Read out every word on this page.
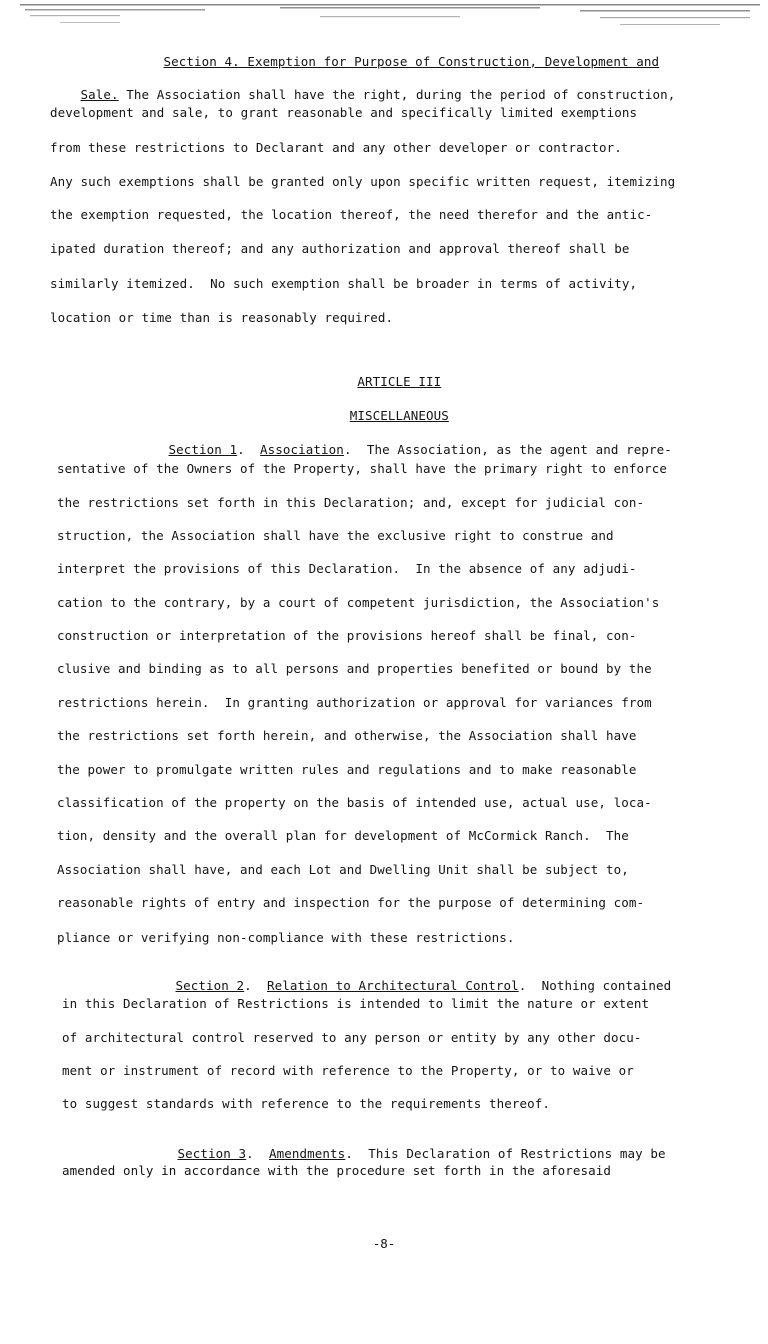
Section 4. Exemption for Purpose of Construction, Development and

Sale. The Association shall have the right, during the period of construction,

development and sale, to grant reasonable and specifically limited exemptions
from these restrictions to Declarant and any other developer or contractor.
Any such exemptions shall be granted only upon specific written request, itemizing
the exemption requested, the location thereof, the need therefor and the antic-
ipated duration thereof; and any authorization and approval thereof shall be
similarly itemized.  No such exemption shall be broader in terms of activity,
location or time than is reasonably required.

ARTICLE III

MISCELLANEOUS

Section 1.  Association.  The Association, as the agent and repre-

sentative of the Owners of the Property, shall have the primary right to enforce
the restrictions set forth in this Declaration; and, except for judicial con-
struction, the Association shall have the exclusive right to construe and
interpret the provisions of this Declaration.  In the absence of any adjudi-
cation to the contrary, by a court of competent jurisdiction, the Association's
construction or interpretation of the provisions hereof shall be final, con-
clusive and binding as to all persons and properties benefited or bound by the
restrictions herein.  In granting authorization or approval for variances from
the restrictions set forth herein, and otherwise, the Association shall have
the power to promulgate written rules and regulations and to make reasonable
classification of the property on the basis of intended use, actual use, loca-
tion, density and the overall plan for development of McCormick Ranch.  The
Association shall have, and each Lot and Dwelling Unit shall be subject to,
reasonable rights of entry and inspection for the purpose of determining com-
pliance or verifying non-compliance with these restrictions.

Section 2.  Relation to Architectural Control.  Nothing contained

in this Declaration of Restrictions is intended to limit the nature or extent
of architectural control reserved to any person or entity by any other docu-
ment or instrument of record with reference to the Property, or to waive or
to suggest standards with reference to the requirements thereof.

Section 3.  Amendments.  This Declaration of Restrictions may be

amended only in accordance with the procedure set forth in the aforesaid
-8-
